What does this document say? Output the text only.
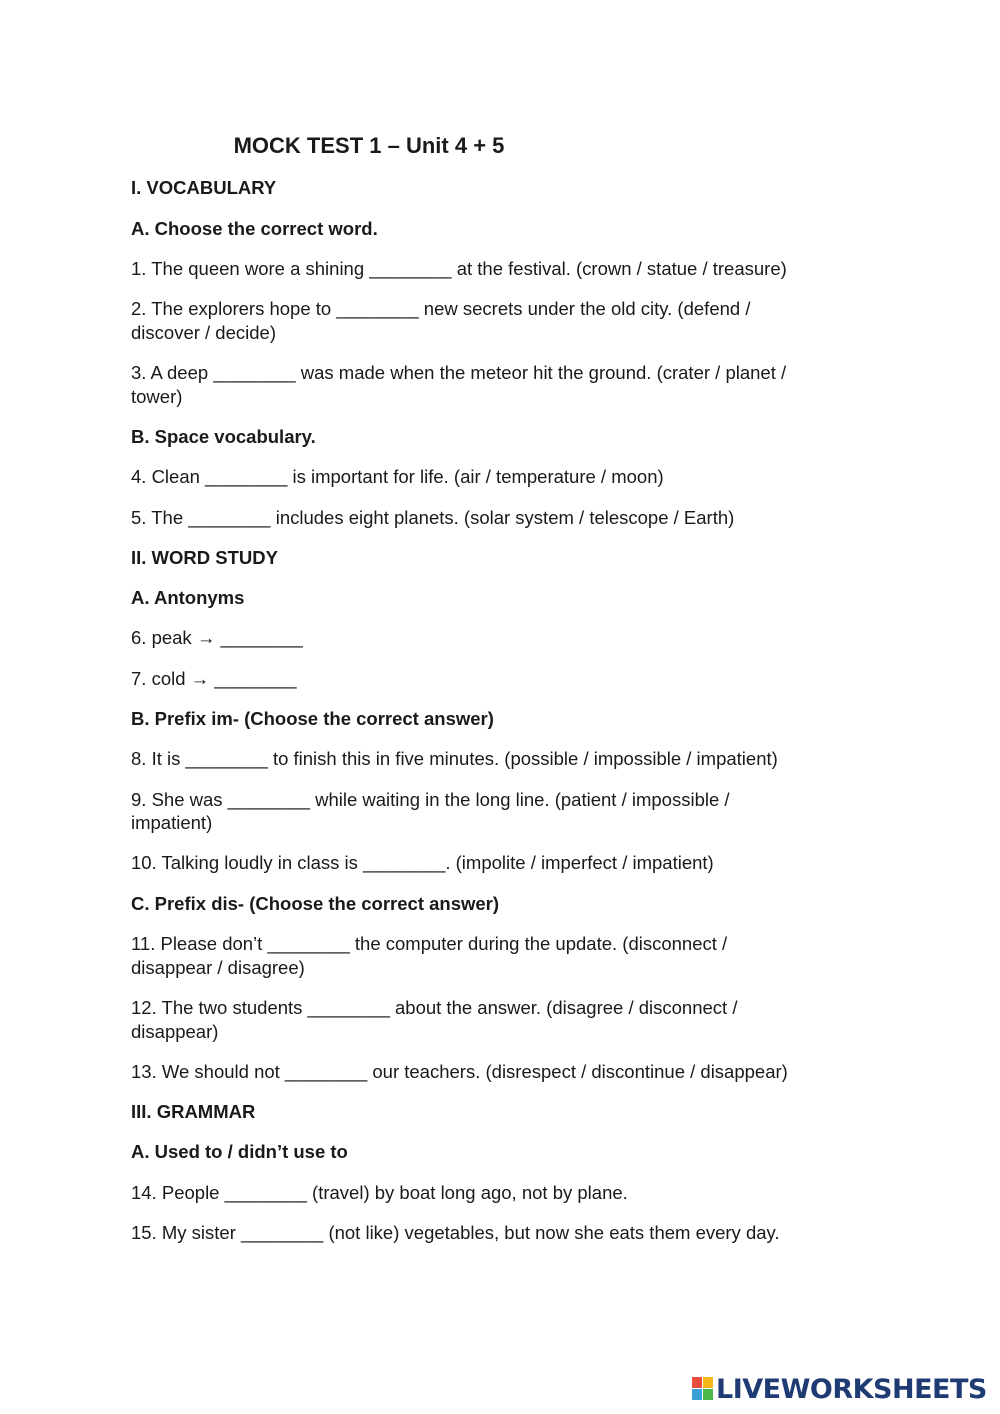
MOCK TEST 1 – Unit 4 + 5

I. VOCABULARY

A. Choose the correct word.

1. The queen wore a shining ________ at the festival. (crown / statue / treasure)

2. The explorers hope to ________ new secrets under the old city. (defend /

discover / decide)

3. A deep ________ was made when the meteor hit the ground. (crater / planet /

tower)

B. Space vocabulary.

4. Clean ________ is important for life. (air / temperature / moon)

5. The ________ includes eight planets. (solar system / telescope / Earth)

II. WORD STUDY

A. Antonyms

6. peak → ________

7. cold → ________

B. Prefix im- (Choose the correct answer)

8. It is ________ to finish this in five minutes. (possible / impossible / impatient)

9. She was ________ while waiting in the long line. (patient / impossible /

impatient)

10. Talking loudly in class is ________. (impolite / imperfect / impatient)

C. Prefix dis- (Choose the correct answer)

11. Please don’t ________ the computer during the update. (disconnect /

disappear / disagree)

12. The two students ________ about the answer. (disagree / disconnect /

disappear)

13. We should not ________ our teachers. (disrespect / discontinue / disappear)

III. GRAMMAR

A. Used to / didn’t use to

14. People ________ (travel) by boat long ago, not by plane.

15. My sister ________ (not like) vegetables, but now she eats them every day.

LIVEWORKSHEETS
